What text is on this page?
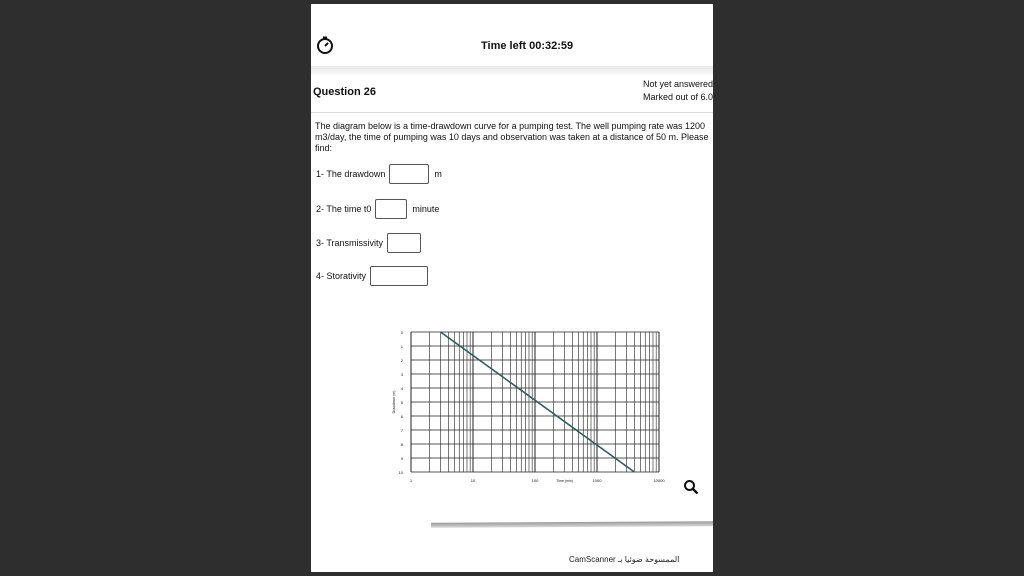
Time left 00:32:59
Question 26
Not yet answered
Marked out of 6.0
The diagram below is a time-drawdown curve for a pumping test. The well pumping rate was 1200 m3/day, the time of pumping was 10 days and observation was taken at a distance of 50 m. Please find:
1- The drawdown	m
2- The time t0	minute
3- Transmissivity
4- Storativity
0
1
2
3
4
5
6
7
8
9
10
1	10	100	1000	10000
Time (min)
Drawdown (m)
CamScanner الممسوحة ضوئيا بـ
